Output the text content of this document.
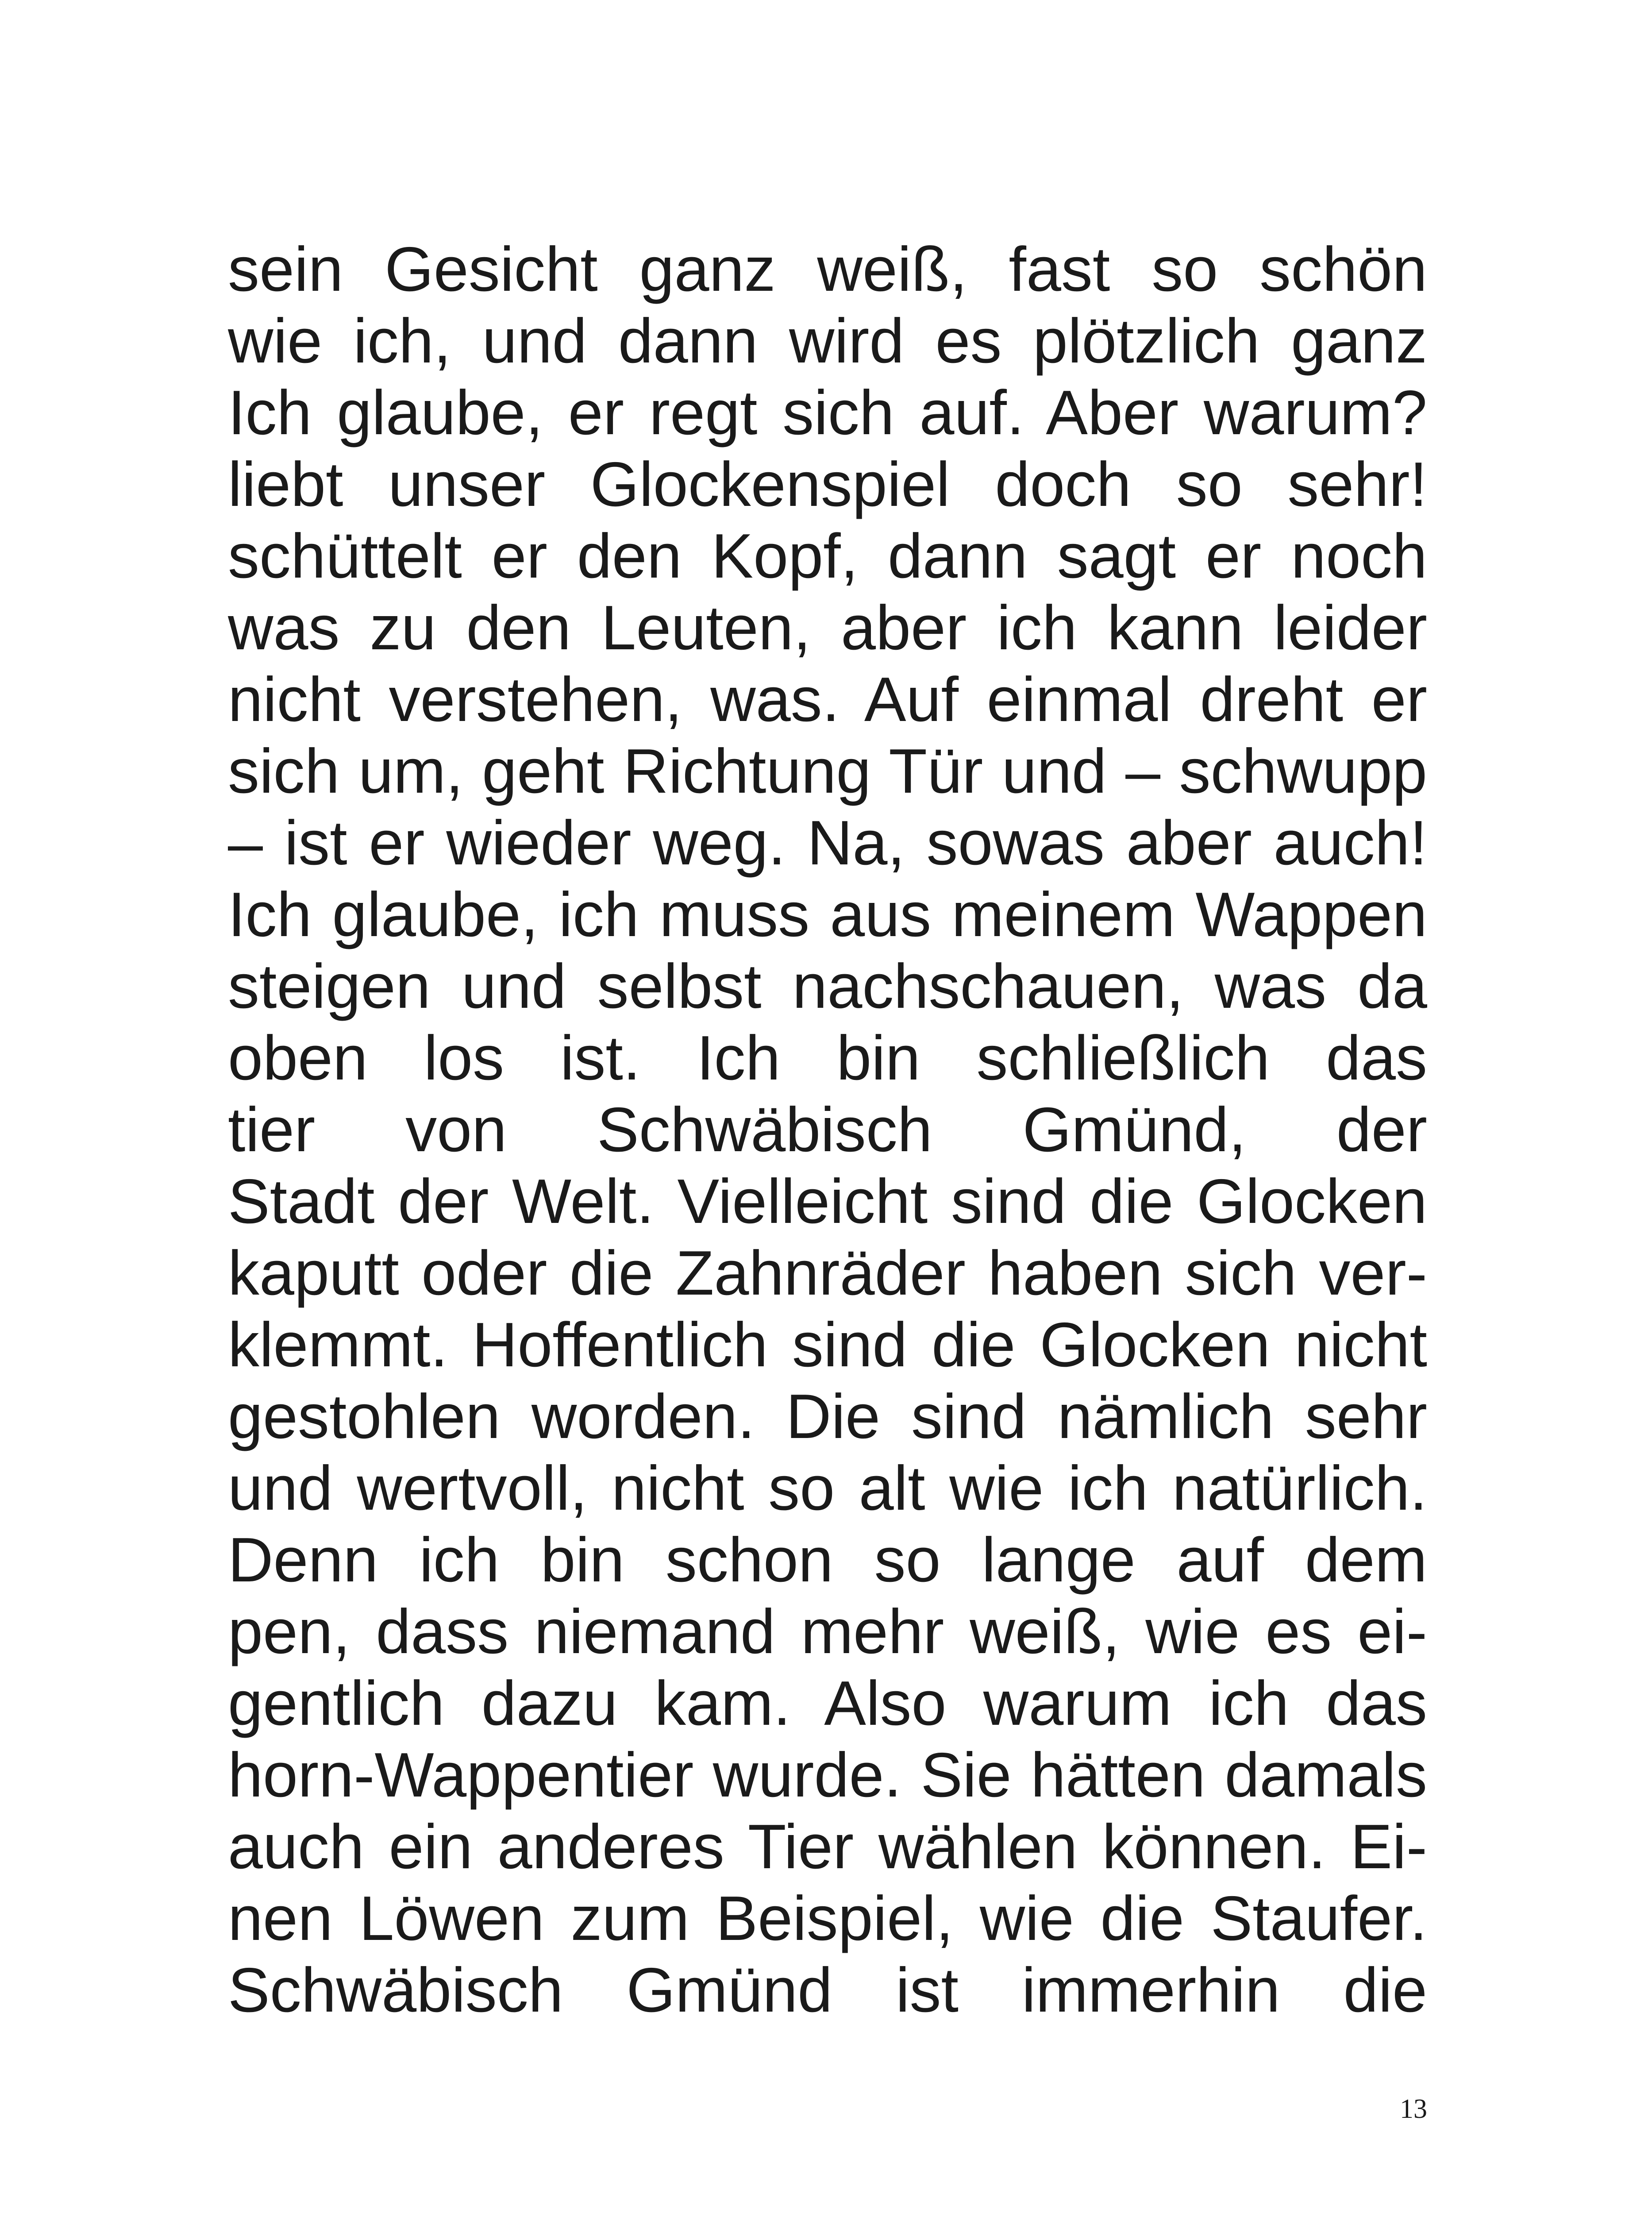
sein Gesicht ganz weiß, fast so schön
wie ich, und dann wird es plötzlich ganz
Ich glaube, er regt sich auf. Aber warum?
liebt unser Glockenspiel doch so sehr!
schüttelt er den Kopf, dann sagt er noch
was zu den Leuten, aber ich kann leider
nicht verstehen, was. Auf einmal dreht er
sich um, geht Richtung Tür und – schwupp
– ist er wieder weg. Na, sowas aber auch!
Ich glaube, ich muss aus meinem Wappen
steigen und selbst nachschauen, was da
oben los ist. Ich bin schließlich das
tier von Schwäbisch Gmünd, der
Stadt der Welt. Vielleicht sind die Glocken
kaputt oder die Zahnräder haben sich ver-
klemmt. Hoffentlich sind die Glocken nicht
gestohlen worden. Die sind nämlich sehr
und wertvoll, nicht so alt wie ich natürlich.
Denn ich bin schon so lange auf dem
pen, dass niemand mehr weiß, wie es ei-
gentlich dazu kam. Also warum ich das
horn-Wappentier wurde. Sie hätten damals
auch ein anderes Tier wählen können. Ei-
nen Löwen zum Beispiel, wie die Staufer.
Schwäbisch Gmünd ist immerhin die
13
